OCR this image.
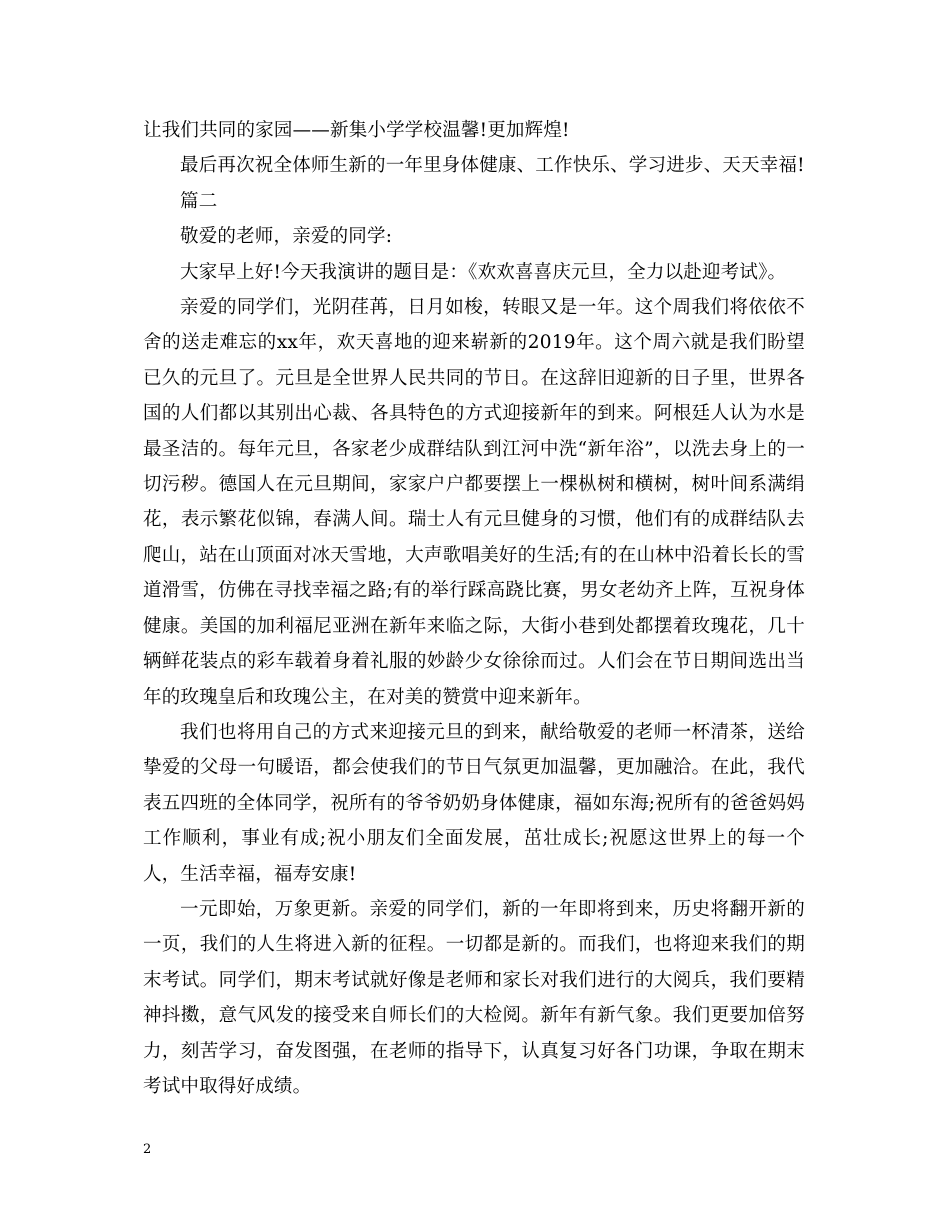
让我们共同的家园——新集小学学校温馨!更加辉煌!

最后再次祝全体师生新的一年里身体健康、工作快乐、学习进步、天天幸福!

篇二

敬爱的老师，亲爱的同学:

大家早上好!今天我演讲的题目是：《欢欢喜喜庆元旦，全力以赴迎考试》。

亲爱的同学们，光阴荏苒，日月如梭，转眼又是一年。这个周我们将依依不舍的送走难忘的xx年，欢天喜地的迎来崭新的2019年。这个周六就是我们盼望已久的元旦了。元旦是全世界人民共同的节日。在这辞旧迎新的日子里，世界各国的人们都以其别出心裁、各具特色的方式迎接新年的到来。阿根廷人认为水是最圣洁的。每年元旦，各家老少成群结队到江河中洗“新年浴”，以洗去身上的一切污秽。德国人在元旦期间，家家户户都要摆上一棵枞树和横树，树叶间系满绢花，表示繁花似锦，春满人间。瑞士人有元旦健身的习惯，他们有的成群结队去爬山，站在山顶面对冰天雪地，大声歌唱美好的生活;有的在山林中沿着长长的雪道滑雪，仿佛在寻找幸福之路;有的举行踩高跷比赛，男女老幼齐上阵，互祝身体健康。美国的加利福尼亚洲在新年来临之际，大街小巷到处都摆着玫瑰花，几十辆鲜花装点的彩车载着身着礼服的妙龄少女徐徐而过。人们会在节日期间选出当年的玫瑰皇后和玫瑰公主，在对美的赞赏中迎来新年。

我们也将用自己的方式来迎接元旦的到来，献给敬爱的老师一杯清茶，送给挚爱的父母一句暖语，都会使我们的节日气氛更加温馨，更加融洽。在此，我代表五四班的全体同学，祝所有的爷爷奶奶身体健康，福如东海;祝所有的爸爸妈妈工作顺利，事业有成;祝小朋友们全面发展，茁壮成长;祝愿这世界上的每一个人，生活幸福，福寿安康!

一元即始，万象更新。亲爱的同学们，新的一年即将到来，历史将翻开新的一页，我们的人生将进入新的征程。一切都是新的。而我们，也将迎来我们的期末考试。同学们，期末考试就好像是老师和家长对我们进行的大阅兵，我们要精神抖擞，意气风发的接受来自师长们的大检阅。新年有新气象。我们更要加倍努力，刻苦学习，奋发图强，在老师的指导下，认真复习好各门功课，争取在期末考试中取得好成绩。

2
